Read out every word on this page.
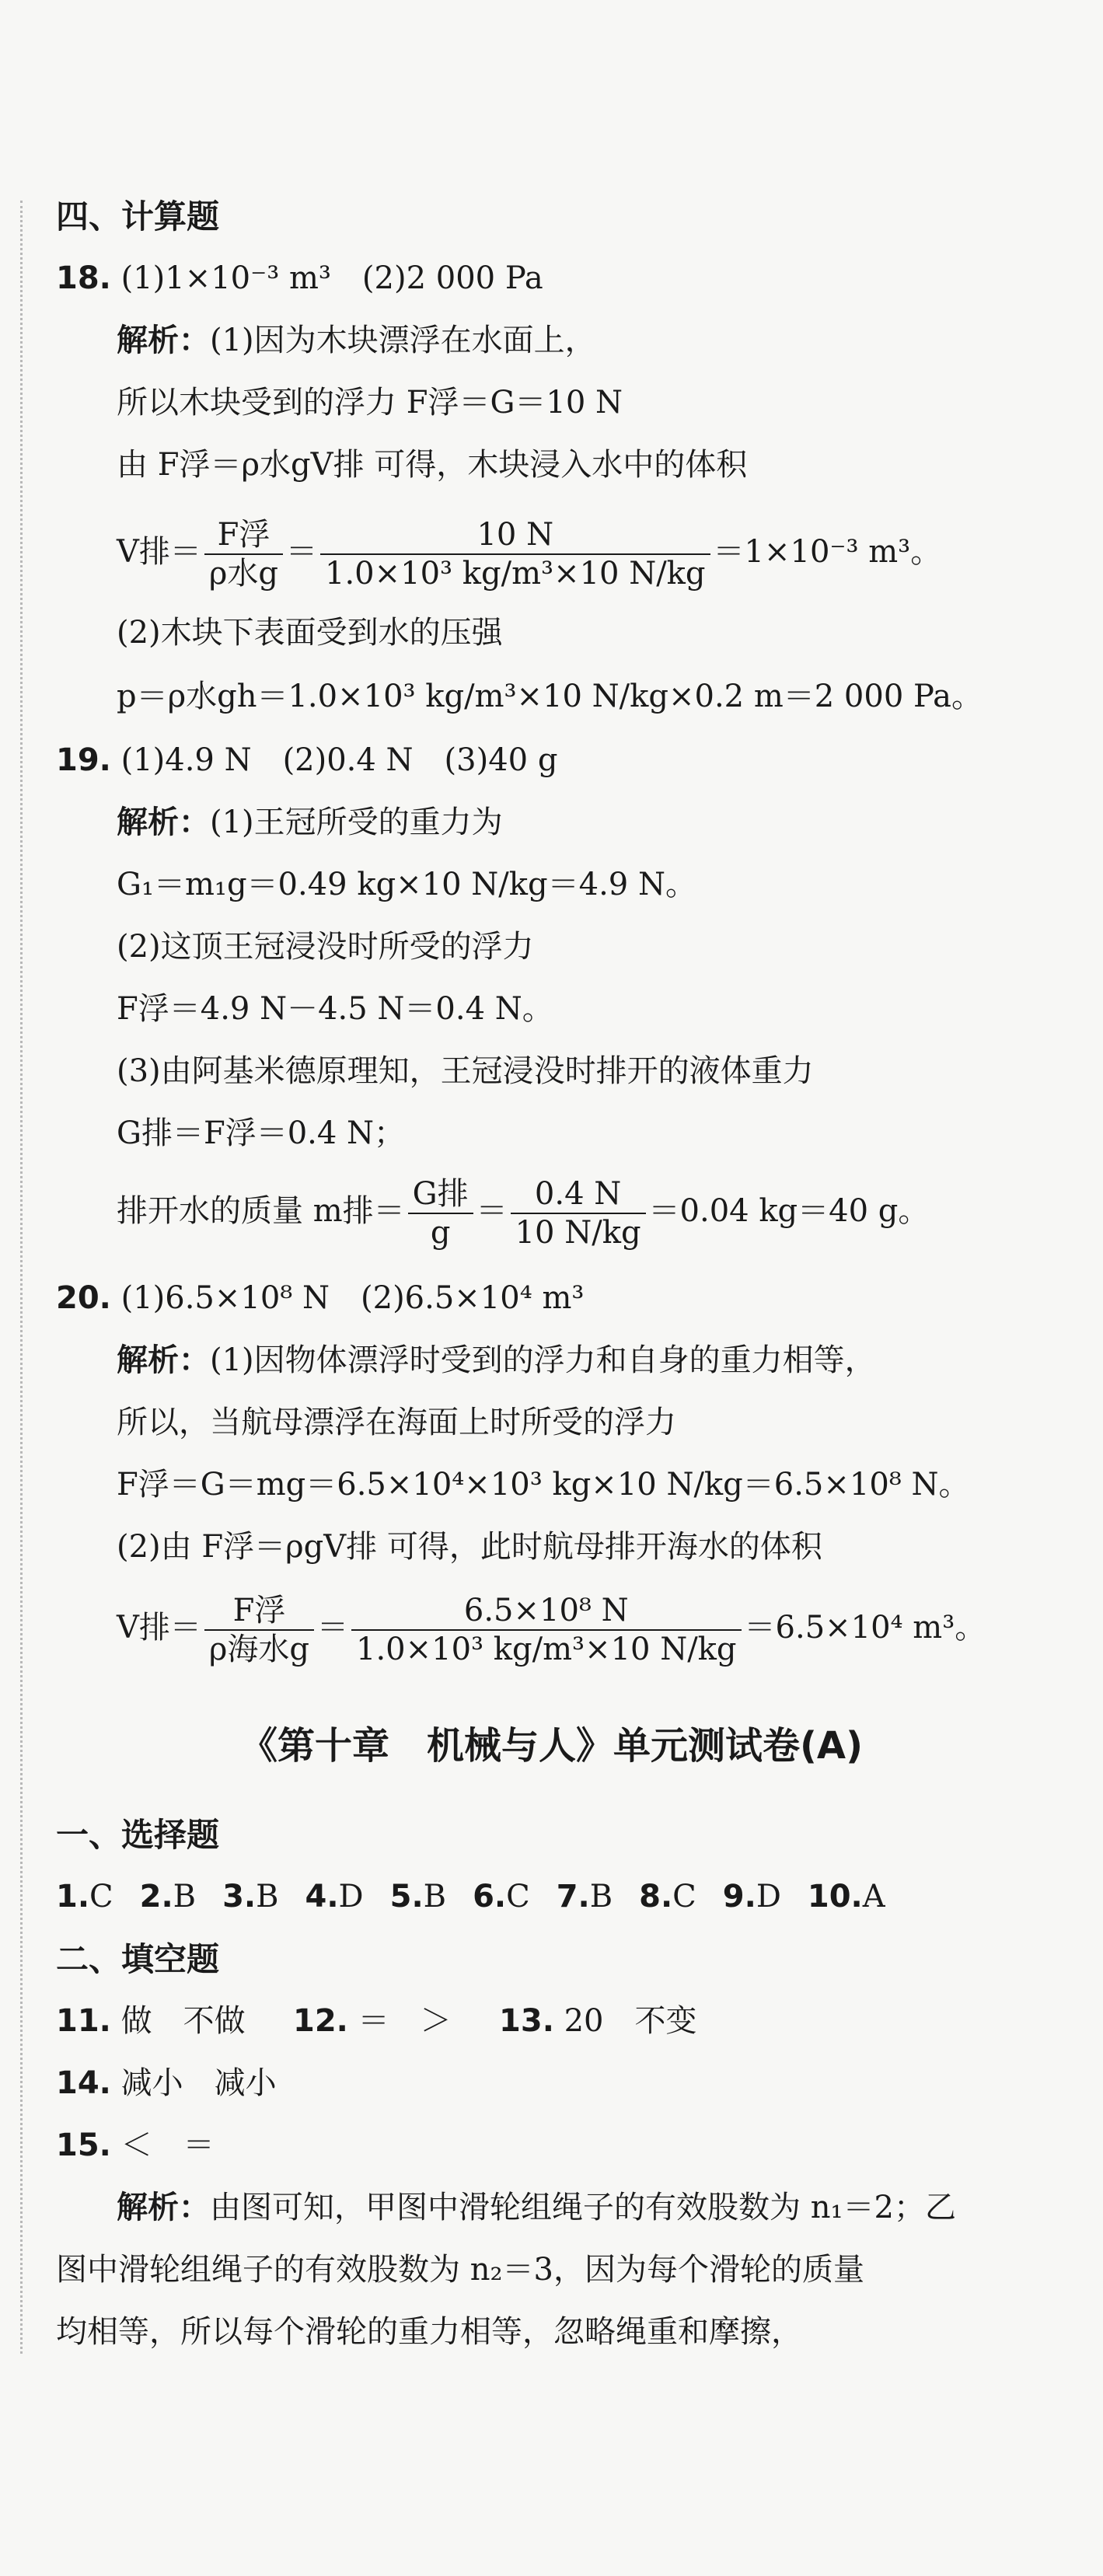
四、计算题
18. (1)1×10⁻³ m³　(2)2 000 Pa
解析：(1)因为木块漂浮在水面上，
所以木块受到的浮力 F浮＝G＝10 N
由 F浮＝ρ水gV排 可得，木块浸入水中的体积
V排＝ $\frac{\text{F浮}}{\text{ρ水g}} = \frac{10 N}{\text{1.0×10³ kg/m³×10 N/kg}} =1\times 10^{-3}$ m³。
(2)木块下表面受到水的压强
p＝ρ水gh＝1.0×10³ kg/m³×10 N/kg×0.2 m＝2 000 Pa。
19. (1)4.9 N　(2)0.4 N　(3)40 g
解析：(1)王冠所受的重力为
G₁＝m₁g＝0.49 kg×10 N/kg＝4.9 N。
(2)这顶王冠浸没时所受的浮力
F浮＝4.9 N－4.5 N＝0.4 N。
(3)由阿基米德原理知，王冠浸没时排开的液体重力
G排＝F浮＝0.4 N；
排开水的质量 m排＝ $\frac{\text{G排}}{g} = \frac{0.4 N}{10 N/kg} =0.04$ kg＝40 g。
20. (1)6.5×10⁸ N　(2)6.5×10⁴ m³
解析：(1)因物体漂浮时受到的浮力和自身的重力相等，
所以，当航母漂浮在海面上时所受的浮力
F浮＝G＝mg＝6.5×10⁴×10³ kg×10 N/kg＝6.5×10⁸ N。
(2)由 F浮＝ρgV排 可得，此时航母排开海水的体积
V排＝ $\frac{\text{F浮}}{\text{ρ海水g}} = \frac{\text{6.5×10⁸ N}}{\text{1.0×10³ kg/m³×10 N/kg}} =6.5\times 10^4$ m³。
《第十章　机械与人》单元测试卷(A)
一、选择题
1.C 2.B 3.B 4.D 5.B 6.C 7.B 8.C 9.D 10.A
二、填空题
11. 做　不做 12. ＝　＞ 13. 20　不变
14. 减小　减小
15. ＜　＝
解析：由图可知，甲图中滑轮组绳子的有效股数为 n₁＝2；乙
图中滑轮组绳子的有效股数为 n₂＝3，因为每个滑轮的质量
均相等，所以每个滑轮的重力相等，忽略绳重和摩擦，
